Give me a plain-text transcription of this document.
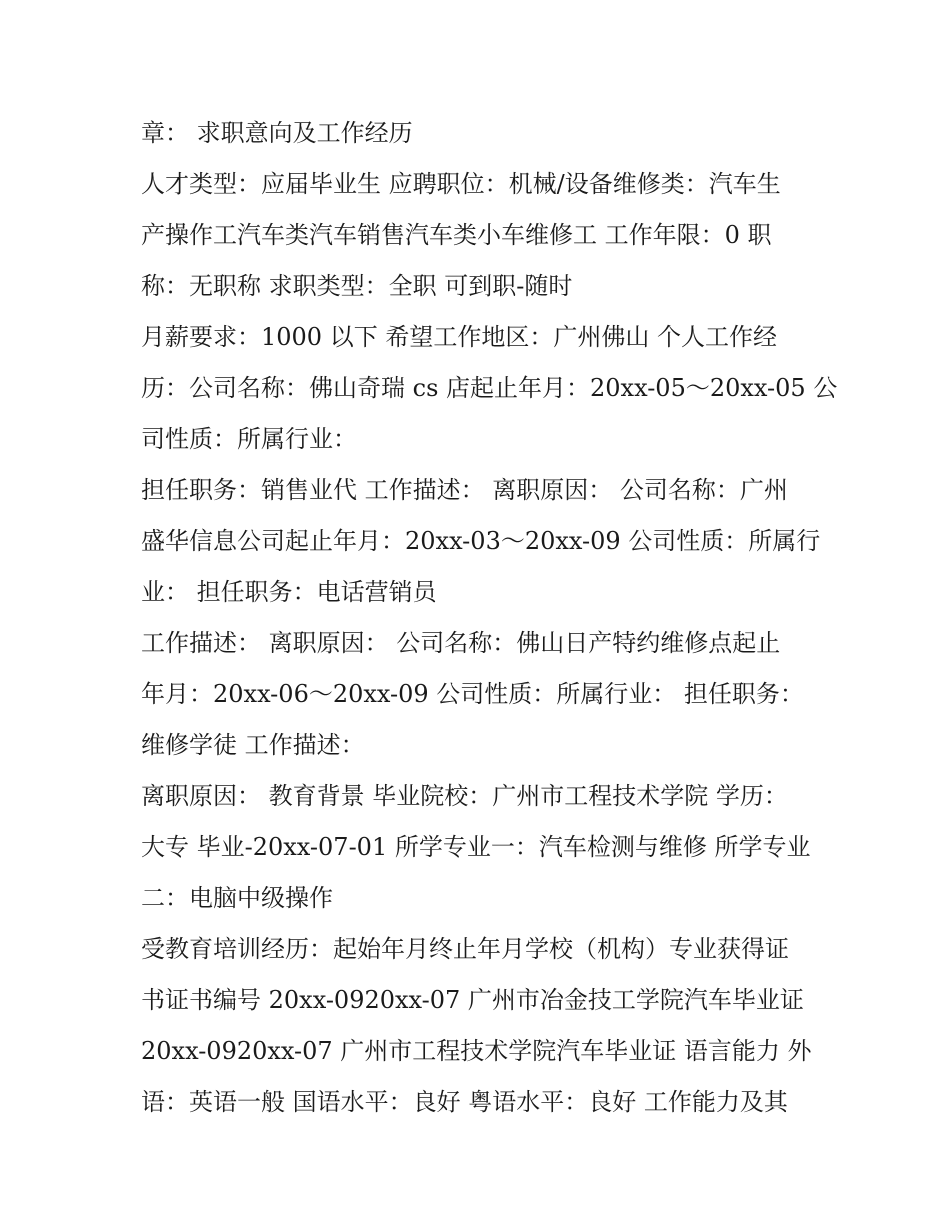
章： 求职意向及工作经历
人才类型：应届毕业生 应聘职位：机械/设备维修类：汽车生
产操作工汽车类汽车销售汽车类小车维修工 工作年限：0 职
称：无职称 求职类型：全职 可到职-随时
月薪要求：1000 以下 希望工作地区：广州佛山 个人工作经
历：公司名称：佛山奇瑞 cs 店起止年月：20xx-05～20xx-05 公
司性质：所属行业：
担任职务：销售业代 工作描述： 离职原因： 公司名称：广州
盛华信息公司起止年月：20xx-03～20xx-09 公司性质：所属行
业： 担任职务：电话营销员
工作描述： 离职原因： 公司名称：佛山日产特约维修点起止
年月：20xx-06～20xx-09 公司性质：所属行业： 担任职务：
维修学徒 工作描述：
离职原因： 教育背景 毕业院校：广州市工程技术学院 学历：
大专 毕业-20xx-07-01 所学专业一：汽车检测与维修 所学专业
二：电脑中级操作
受教育培训经历：起始年月终止年月学校（机构）专业获得证
书证书编号 20xx-0920xx-07 广州市冶金技工学院汽车毕业证
20xx-0920xx-07 广州市工程技术学院汽车毕业证 语言能力 外
语：英语一般 国语水平：良好 粤语水平：良好 工作能力及其
